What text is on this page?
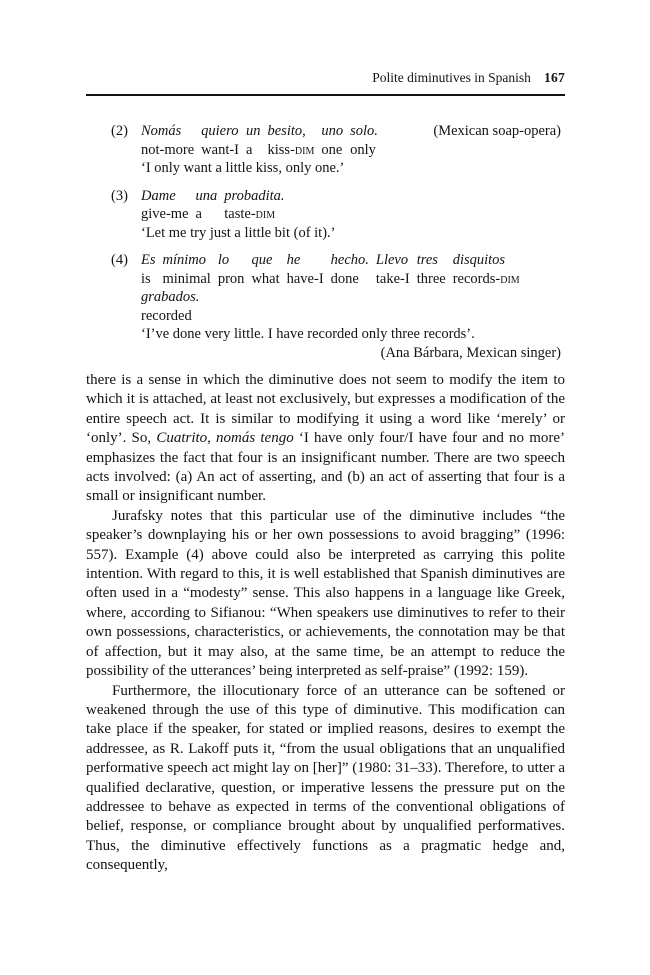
Polite diminutives in Spanish 167
(2)	(Mexican soap-opera)
Nomás
not-more
quiero
want-I
un
a
besito,
kiss-dim
uno
one
solo.
only
‘I only want a little kiss, only one.’
(3) Dame
give-me
una
a
probadita.
taste-dim
‘Let me try just a little bit (of it).’
(4) Es
is
mínimo
minimal
lo
pron
que
what
he
have-I
hecho.
done
Llevo
take-I
tres
three
disquitos
records-dim
grabados.
recorded
‘I’ve done very little. I have recorded only three records’.
(Ana Bárbara, Mexican singer)

there is a sense in which the diminutive does not seem to modify the item to which it is attached, at least not exclusively, but expresses a modification of the entire speech act. It is similar to modifying it using a word like ‘merely’ or ‘only’. So, Cuatrito, nomás tengo ‘I have only four/I have four and no more’ emphasizes the fact that four is an insignificant number. There are two speech acts involved: (a) An act of asserting, and (b) an act of asserting that four is a small or insignificant number.

Jurafsky notes that this particular use of the diminutive includes “the speaker’s downplaying his or her own possessions to avoid bragging” (1996: 557). Example (4) above could also be interpreted as carrying this polite intention. With regard to this, it is well established that Spanish diminutives are often used in a “modesty” sense. This also happens in a language like Greek, where, according to Sifianou: “When speakers use diminutives to refer to their own possessions, characteristics, or achievements, the connotation may be that of affection, but it may also, at the same time, be an attempt to reduce the possibility of the utterances’ being interpreted as self-praise” (1992: 159).

Furthermore, the illocutionary force of an utterance can be softened or weakened through the use of this type of diminutive. This modification can take place if the speaker, for stated or implied reasons, desires to exempt the addressee, as R. Lakoff puts it, “from the usual obligations that an unqualified performative speech act might lay on [her]” (1980: 31–33). Therefore, to utter a qualified declarative, question, or imperative lessens the pressure put on the addressee to behave as expected in terms of the conventional obligations of belief, response, or compliance brought about by unqualified performatives. Thus, the diminutive effectively functions as a pragmatic hedge and, consequently,
